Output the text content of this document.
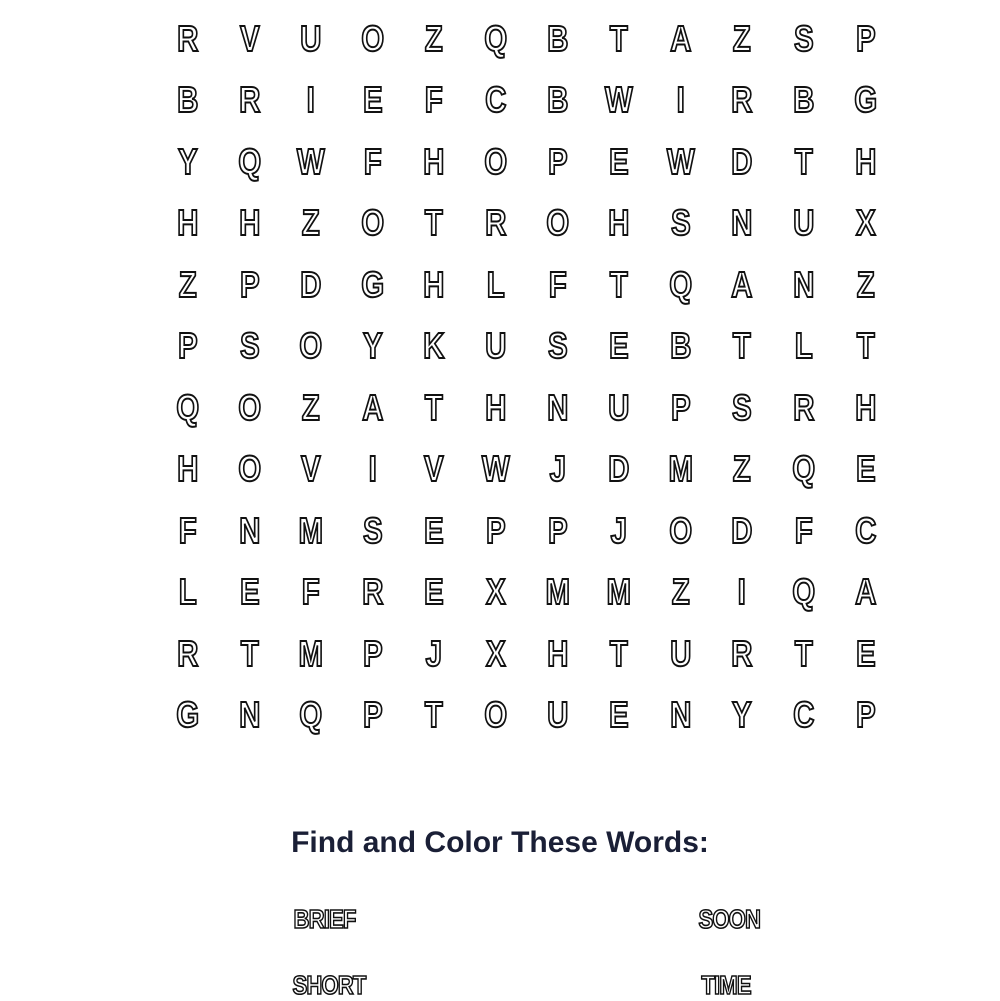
R	V	U	O	Z	Q	B	T	A	Z	S	P
B	R	I	E	F	C	B	W	I	R	B	G
Y	Q	W	F	H	O	P	E	W	D	T	H
H	H	Z	O	T	R	O	H	S	N	U	X
Z	P	D	G	H	L	F	T	Q	A	N	Z
P	S	O	Y	K	U	S	E	B	T	L	T
Q	O	Z	A	T	H	N	U	P	S	R	H
H	O	V	I	V	W	J	D	M	Z	Q	E
F	N	M	S	E	P	P	J	O	D	F	C
L	E	F	R	E	X	M	M	Z	I	Q	A
R	T	M	P	J	X	H	T	U	R	T	E
G	N	Q	P	T	O	U	E	N	Y	C	P
Find and Color These Words:
BRIEF	SOON
SHORT	TIME
